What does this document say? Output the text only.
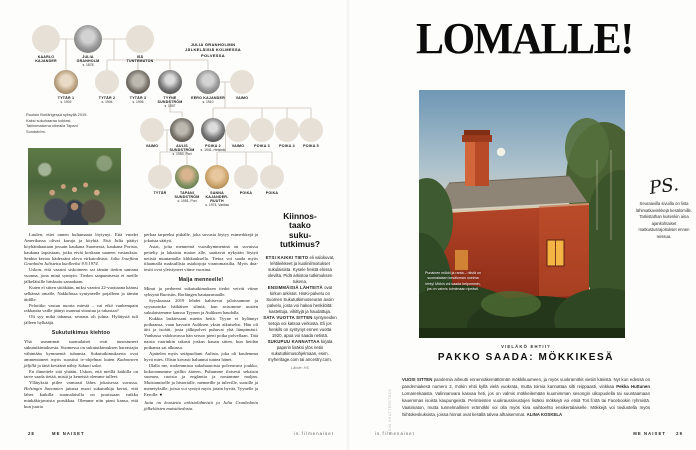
JULIA GRANHOLMIN JÄLKELÄISIÄ KOLMESSA POLVESSA
KAARLO KAJANDER
JULIA GRANHOLM
s. 1878
ISÄ TUNTEMATON
TYTÄR 1
s. 1902
TYTÄR 2
s. 1904
TYTÄR 3
s. 1906
TYYNE SUNDSTRÖM
s. 1907
EERO KAJANDER
s. 1910
VAIMO
VAIMO	AULIS SUNDSTRÖM
s. 1950, Pori
POIKA 2
s. 1941, Helsinki
VAIMO	POIKA 3	POIKA 4	POIKA 5
TYTÄR	TAPANI SUNDSTRÖM
s. 1951, Pori
SANNA KAJANDER-RUUTH
s. 1974, Vantaa
POIKA	POIKA
Ruotsin Borlängessä syksyllä 2019. Kaksi sukuhaaraa kohtasi. Takimmaisena oikealla Tapani Sundström.

Luulen, ettei onnen kultamaata löytynyt. Että vuodet Amerikassa olivat karuja ja köyhiä. Että Julia päätyi köyhäinhautaan jossain kaukana Suomessa, kaukana Porista, kaukana lapsistaan, jotka eivät koskaan saaneet vastauksia. Senkin kertoo kädessäni oleva virkatodistus: Julia Josefiina Granholm Julistettu kuolleeksi 9.9.1974.

Uskon, että vaarini siskoineen sai tämän tiedon samana vuonna, jona minä synnyin. Tiedon saapumisesta ei meille jälkeläisille hiiskuttu sanaakaan.

Kuten ei sitten siitäkään, miksi vaarini 22-vuotiaana käänsi selkänsä omalle, Nakkilassa syntyneelle pojalleen ja tämän äidille.

Pelottiko vastuu nuorta miestä – vai eikö vanhempain rakkautta vaille jäänyt osannut sitoutua ja rakastaa?

Oli syy mikä tahansa, seuraus oli julma. Hylätystä tuli jälleen hylkääjä.

Sukututkimus kiehtoo

Yhä useammat suomalaiset ovat innostuneet sukututkimuksesta. Suomessa on sukututkimuksen harrastajia vähintään kymmeniä tuhansia. Sukututkimuksesta ovat ammentaneet myös suositut tv-ohjelmat kuten Kadonneen jäljillä ja tänä keväänä nähty Sukuni salat.

En ihmettele sitä yhtään. Uskon, että meillä kaikilla on tarve saada tietää, mistä ja keneistä olemme tulleet.

Yllätyksiä piilee varmasti lähes jokaisessa suvussa. Helsingin Sanomien jutussa nuori sukututkija kertoi, että lähes kaikilla suomalaisilla on juurissaan vaikka minkäkirjavaista porukkaa. Olemme niin pieni kansa, että kun juuria

perkaa tarpeeksi pitkälle, joka suvusta löytyy esimerkkejä ja jokaista säätyä.

Asiat, joita menneinä vuosikymmeninä on suvuissa peitelty ja lakaistu maton alle, saattavat nykyään löytyä netistä muutamalla klikkauksella. Tietoa voi saada myös tilaamalla maksullisia asiakirjoja viranomaisilta. Myös dna-testit ovat yleistyneet viime vuosina.

Malja menneelle!

Minut ja perheeni sukututkimuksen tiedot veivät viime syksynä Ruotsiin, Borlängen hautausmaalle.

Syyskuussa 2019 lehdet kahisevat jaloissamme ja syysaurinko häikäisee silmiä, kun seisomme uusien sukulaistemme kanssa Tyynen ja Auliksen haudalla.

Kukkia laskiessani mietin heitä. Tyyne ei hylännyt poikaansa, vaan kasvatti Auliksen yksin aikuiseksi. Hän oli äiti ja isoäiti, josta jälkipolvet puhuvat yhä lämpimästi. Vanhassa valokuvassa hän seisoo pieni poika polvellaan. Tätä naista vaarinkin rakasti joskus kauan sitten, kun heidän poikansa sai alkunsa.

Ajattelen myös setäpuoltani Aulista, joka oli kuulemma hyvä mies. Olisin kovasti halunnut tuntea hänet.

Illalla me, molemmista sukuhaaroista polveutuva joukko, kokoonnumme grillin ääreen. Puhumme iloisesti sekaisin suomea, ruotsia ja englantia ja nostamme maljan. Muistamiselle ja historialle, menneille ja tuleville, suruille ja menetyksille, joista voi syntyä myös jotain hyvää. Tyynelle ja Eerolle. ●

Juttu on koostettu arkistolähteistä ja Julia Granholmin jälkeläisten muistitiedosta.

Kiinnos-
taako
suku-
tutkimus?
ETSI KAIKKI TIETO eli valokuvat, lehtileikkeet ja kuolinilmoitukset sukulaisista. Kysele heistä elossa olevilta. Pidä arkistoa tutkimuksen tukena.
ENSIMMÄISIÄ LÄHTEITÄ ovat kirkon arkistot. HisKi-palvelu on Suomen Sukututkimusseuran avoin palvelu, josta voi hakea henkilöitä: kastettuja, vihittyjä ja haudattuja.
SATA VUOTTA SITTEN syntyneiden tietoja voi katsoa verkosta. Eli jos henkilö on syntynyt ennen vuotta 1920, apua voi saada netistä.
SUKUPUU KANNATTAA kirjata paperin lisäksi ylös netin sukututkimusohjelmaan, esim. myheritage.com tai ancestry.com.
Lähde: HS
28	ME NAISET	is.fi/menaiset
LOMALLE!
Punainen mökki ja ranta – niistä on suomalaisen kesäloman unelma tehty! Mökin voi saada helpommin, jos on valmis toimimaan ripeästi.
PS.
Seuraavilla sivuilla on lista lähimatkavinkkejä kesälomille. Tarkistathan kuitenkin aina ajankohtaiset matkustusrajoitukset ennen reissua.
KUVA SHUTTERSTOCK
VIELÄKÖ EHTII?
PAKKO SAADA: MÖKKIKESÄ

VUOSI SITTEN pandemia aiheutti ennennäkemättömän mökkikuumeen, ja myös vuokramökit vietiin käsistä. Nyt kun edessä on pandemiakesä numero 2, mökin ehtii kyllä vielä vuokrata, mutta toimia kannattaa silti reippaasti, vinkkaa Pekka Huttunen Lomarenkaasta. Valinnanvara kasvaa heti, jos on valmis mökkeilemään kuumimman sesongin ulkopuolella tai suuntaamaan kauemmas isoista kaupungeista. Perinteisten vuokraussivustojen lisäksi mökkejä voi etsiä Tori.fi:stä tai Facebookin ryhmistä. Vaatimaton, mutta tunnelmallinen erämökki voi olla myös kiva vaihtoehto ensikertalaiselle. Mökkejä voi tiedustella myös hiihtokeskuksista, joissa hinnat ovat kesällä talvea alhaisemmat. ALINA KOSKELA

is.fi/menaiset	ME NAISET 29
